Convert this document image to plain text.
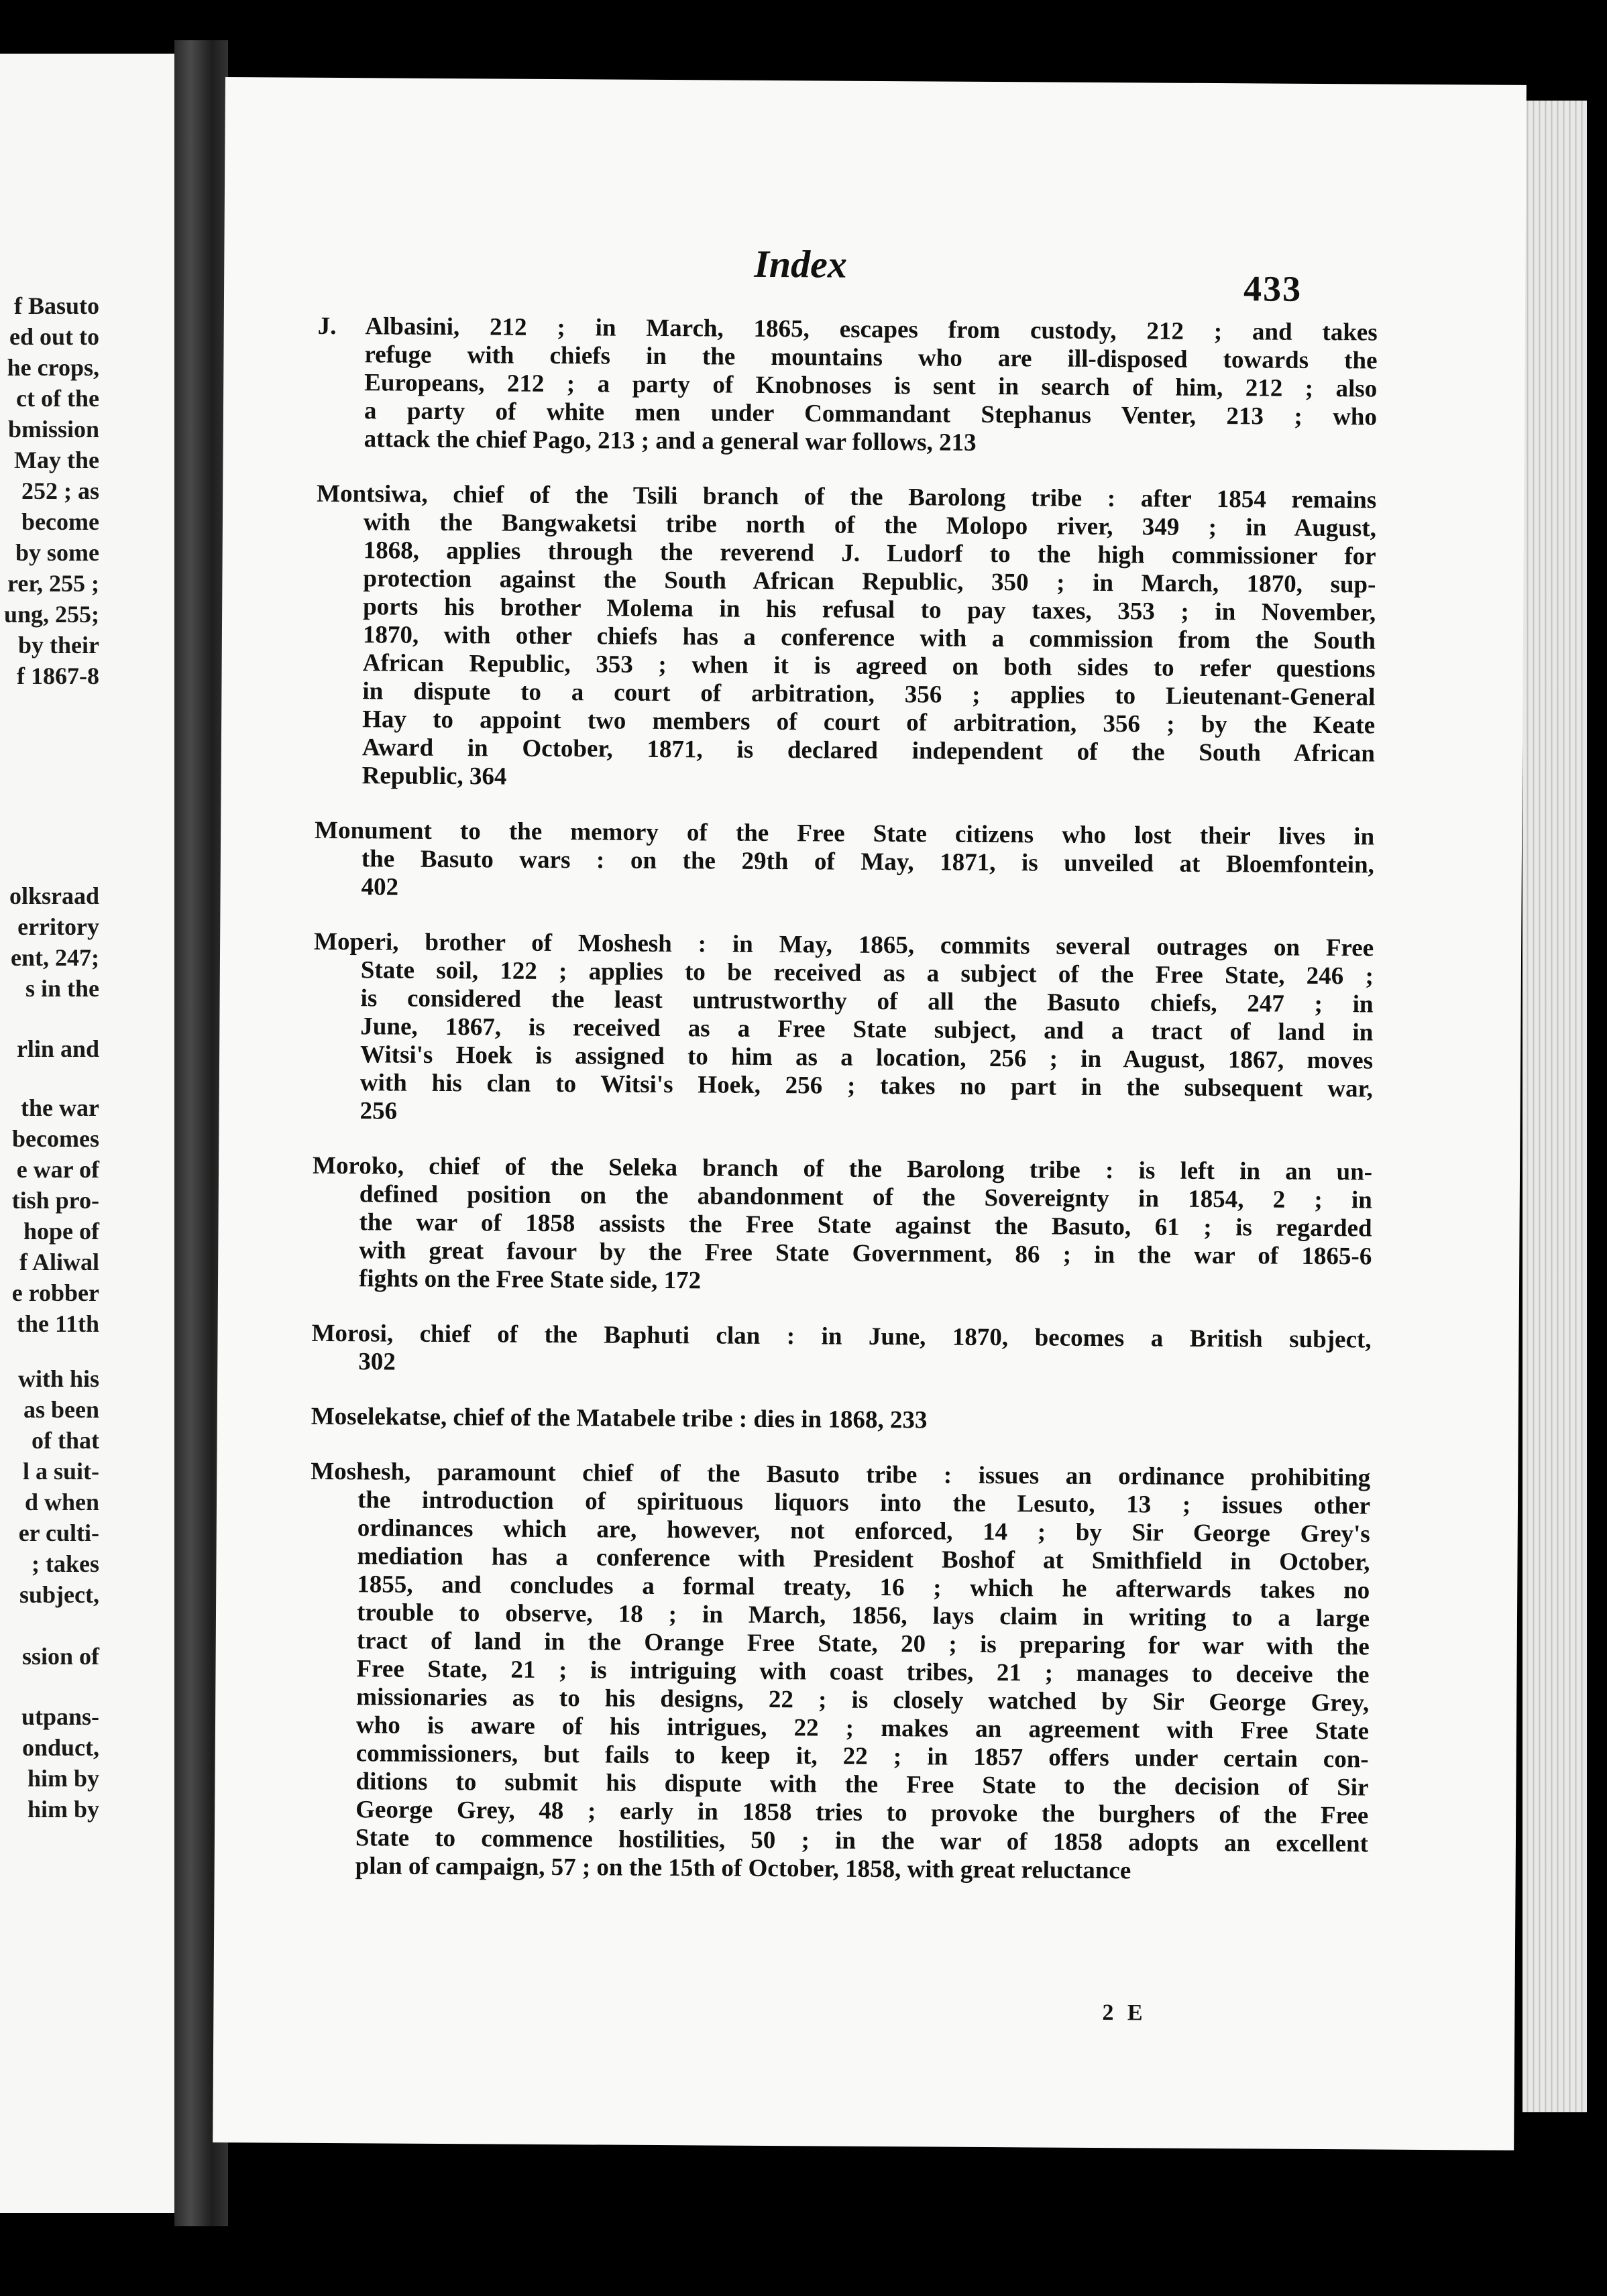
f Basuto
ed out to
he crops,
ct of the
bmission
May the
252 ; as
become
by some
rer, 255 ;
ung, 255;
by their
f 1867-8
olksraad
erritory
ent, 247;
s in the
rlin and
the war
becomes
e war of
tish pro-
hope of
f Aliwal
e robber
the 11th
with his
as been
of that
l a suit-
d when
er culti-
; takes
subject,
ssion of
utpans-
onduct,
him by
him by
Index
433
J. Albasini, 212 ; in March, 1865, escapes from custody, 212 ; and takes
refuge with chiefs in the mountains who are ill-disposed towards the
Europeans, 212 ; a party of Knobnoses is sent in search of him, 212 ; also
a party of white men under Commandant Stephanus Venter, 213 ; who
attack the chief Pago, 213 ; and a general war follows, 213
Montsiwa, chief of the Tsili branch of the Barolong tribe : after 1854 remains
with the Bangwaketsi tribe north of the Molopo river, 349 ; in August,
1868, applies through the reverend J. Ludorf to the high commissioner for
protection against the South African Republic, 350 ; in March, 1870, sup-
ports his brother Molema in his refusal to pay taxes, 353 ; in November,
1870, with other chiefs has a conference with a commission from the South
African Republic, 353 ; when it is agreed on both sides to refer questions
in dispute to a court of arbitration, 356 ; applies to Lieutenant-General
Hay to appoint two members of court of arbitration, 356 ; by the Keate
Award in October, 1871, is declared independent of the South African
Republic, 364
Monument to the memory of the Free State citizens who lost their lives in
the Basuto wars : on the 29th of May, 1871, is unveiled at Bloemfontein,
402
Moperi, brother of Moshesh : in May, 1865, commits several outrages on Free
State soil, 122 ; applies to be received as a subject of the Free State, 246 ;
is considered the least untrustworthy of all the Basuto chiefs, 247 ; in
June, 1867, is received as a Free State subject, and a tract of land in
Witsi's Hoek is assigned to him as a location, 256 ; in August, 1867, moves
with his clan to Witsi's Hoek, 256 ; takes no part in the subsequent war,
256
Moroko, chief of the Seleka branch of the Barolong tribe : is left in an un-
defined position on the abandonment of the Sovereignty in 1854, 2 ; in
the war of 1858 assists the Free State against the Basuto, 61 ; is regarded
with great favour by the Free State Government, 86 ; in the war of 1865-6
fights on the Free State side, 172
Morosi, chief of the Baphuti clan : in June, 1870, becomes a British subject,
302
Moselekatse, chief of the Matabele tribe : dies in 1868, 233
Moshesh, paramount chief of the Basuto tribe : issues an ordinance prohibiting
the introduction of spirituous liquors into the Lesuto, 13 ; issues other
ordinances which are, however, not enforced, 14 ; by Sir George Grey's
mediation has a conference with President Boshof at Smithfield in October,
1855, and concludes a formal treaty, 16 ; which he afterwards takes no
trouble to observe, 18 ; in March, 1856, lays claim in writing to a large
tract of land in the Orange Free State, 20 ; is preparing for war with the
Free State, 21 ; is intriguing with coast tribes, 21 ; manages to deceive the
missionaries as to his designs, 22 ; is closely watched by Sir George Grey,
who is aware of his intrigues, 22 ; makes an agreement with Free State
commissioners, but fails to keep it, 22 ; in 1857 offers under certain con-
ditions to submit his dispute with the Free State to the decision of Sir
George Grey, 48 ; early in 1858 tries to provoke the burghers of the Free
State to commence hostilities, 50 ; in the war of 1858 adopts an excellent
plan of campaign, 57 ; on the 15th of October, 1858, with great reluctance
2 E
